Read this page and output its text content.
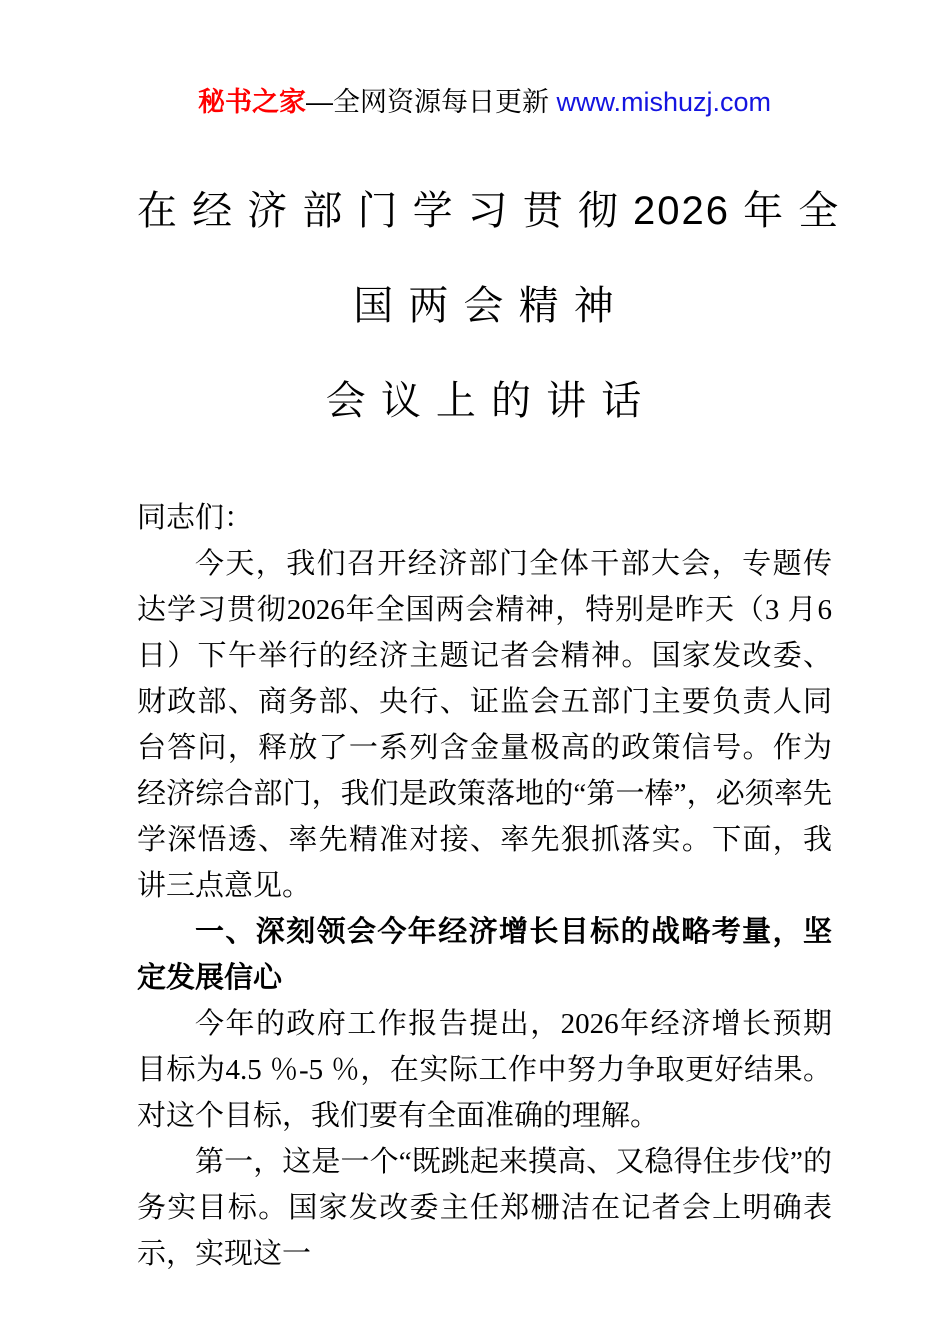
秘书之家—全网资源每日更新 www.mishuzj.com
在 经 济 部 门 学 习 贯 彻 2026 年 全
国 两 会 精 神
会 议 上 的 讲 话

同志们：

今天，我们召开经济部门全体干部大会，专题传达学习贯彻2026年全国两会精神，特别是昨天（3 月6 日）下午举行的经济主题记者会精神。国家发改委、财政部、商务部、央行、证监会五部门主要负责人同台答问，释放了一系列含金量极高的政策信号。作为经济综合部门，我们是政策落地的“第一棒”，必须率先学深悟透、率先精准对接、率先狠抓落实。下面，我讲三点意见。

一、深刻领会今年经济增长目标的战略考量，坚定发展信心

今年的政府工作报告提出，2026年经济增长预期目标为4.5 ％-5 ％，在实际工作中努力争取更好结果。对这个目标，我们要有全面准确的理解。

第一，这是一个“既跳起来摸高、又稳得住步伐”的务实目标。国家发改委主任郑栅洁在记者会上明确表示，实现这一
